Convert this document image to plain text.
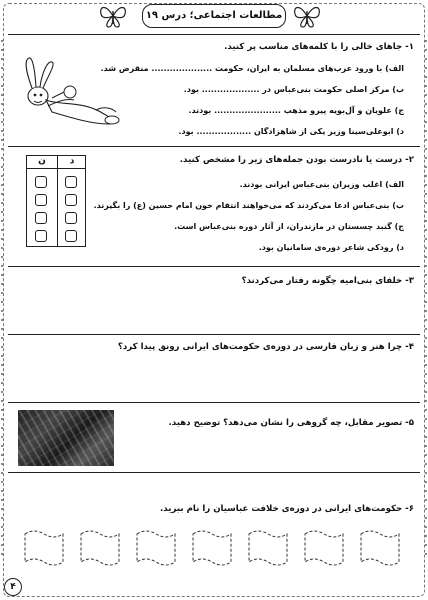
مطالعات اجتماعی؛ درس ۱۹
۱- جاهای خالی را با کلمه‌های مناسب پر کنید.
الف) با ورود عرب‌های مسلمان به ایران، حکومت .................... منقرض شد.
ب) مرکز اصلی حکومت بنی‌عباس در ................... بود.
ج) علویان و آل‌بویه پیرو مذهب ...................... بودند.
د) ابوعلی‌سینا وزیر یکی از شاهزادگان .................. بود.
۲- درست یا نادرست بودن جمله‌های زیر را مشخص کنید.
الف) اغلب وزیران بنی‌عباس ایرانی بودند.
ب) بنی‌عباس ادعا می‌کردند که می‌خواهند انتقام خون امام حسین (ع) را بگیرند.
ج) گنبد چسستان در مازندران، از آثار دوره بنی‌عباس است.
د) رودکی شاعر دوره‌ی سامانیان بود.
ن	د
۳- خلفای بنی‌امیه چگونه رفتار می‌کردند؟
۴- چرا هنر و زبان فارسی در دوره‌ی حکومت‌های ایرانی رونق پیدا کرد؟
۵- تصویر مقابل، چه گروهی را نشان می‌دهد؟ توضیح دهید.
۶- حکومت‌های ایرانی در دوره‌ی خلافت عباسیان را نام ببرید.
۴
